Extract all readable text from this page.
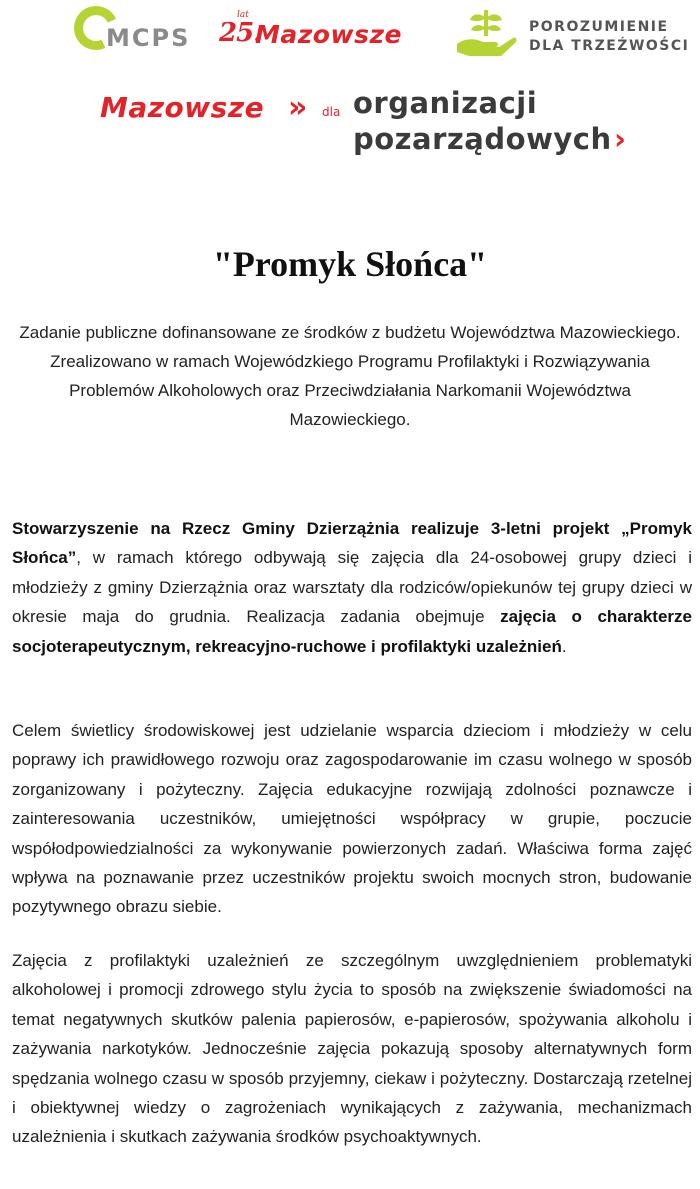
MCPS 25.
lat
Mazowsze	POROZUMIENIE
DLA TRZEŹWOŚCI
Mazowsze » dla organizacji
pozarządowych ›
"Promyk Słońca"

Zadanie publiczne dofinansowane ze środków z budżetu Województwa Mazowieckiego. Zrealizowano w ramach Wojewódzkiego Programu Profilaktyki i Rozwiązywania Problemów Alkoholowych oraz Przeciwdziałania Narkomanii Województwa Mazowieckiego.

Stowarzyszenie na Rzecz Gminy Dzierzążnia realizuje 3-letni projekt „Promyk Słońca”, w ramach którego odbywają się zajęcia dla 24-osobowej grupy dzieci i młodzieży z gminy Dzierzążnia oraz warsztaty dla rodziców/opiekunów tej grupy dzieci w okresie maja do grudnia. Realizacja zadania obejmuje zajęcia o charakterze socjoterapeutycznym, rekreacyjno-ruchowe i profilaktyki uzależnień.

Celem świetlicy środowiskowej jest udzielanie wsparcia dzieciom i młodzieży w celu poprawy ich prawidłowego rozwoju oraz zagospodarowanie im czasu wolnego w sposób zorganizowany i pożyteczny. Zajęcia edukacyjne rozwijają zdolności poznawcze i zainteresowania uczestników, umiejętności współpracy w grupie, poczucie współodpowiedzialności za wykonywanie powierzonych zadań. Właściwa forma zajęć wpływa na poznawanie przez uczestników projektu swoich mocnych stron, budowanie pozytywnego obrazu siebie.

Zajęcia z profilaktyki uzależnień ze szczególnym uwzględnieniem problematyki alkoholowej i promocji zdrowego stylu życia to sposób na zwiększenie świadomości na temat negatywnych skutków palenia papierosów, e-papierosów, spożywania alkoholu i zażywania narkotyków. Jednocześnie zajęcia pokazują sposoby alternatywnych form spędzania wolnego czasu w sposób przyjemny, ciekaw i pożyteczny. Dostarczają rzetelnej i obiektywnej wiedzy o zagrożeniach wynikających z zażywania, mechanizmach uzależnienia i skutkach zażywania środków psychoaktywnych.
